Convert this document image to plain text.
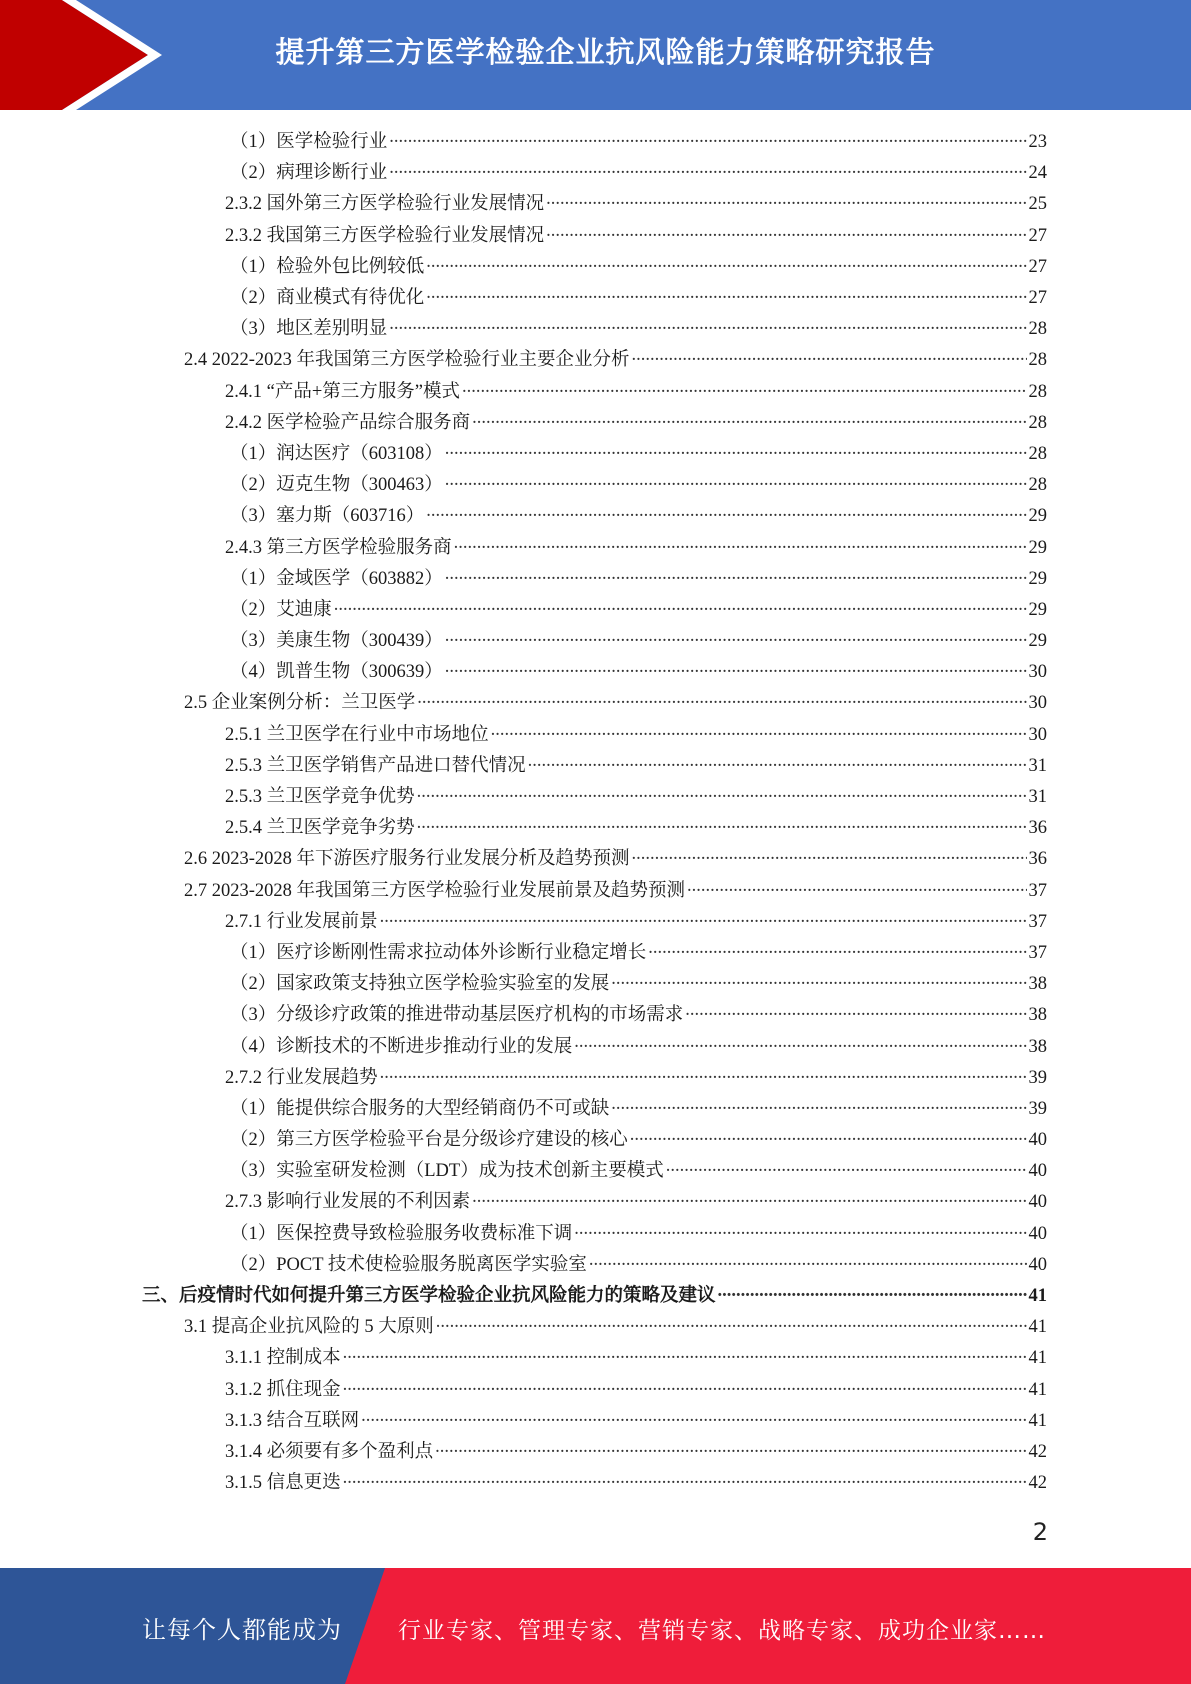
提升第三方医学检验企业抗风险能力策略研究报告
（1）医学检验行业 .....	23
（2）病理诊断行业 .....	24
2.3.2 国外第三方医学检验行业发展情况 .....	25
2.3.2 我国第三方医学检验行业发展情况 .....	27
（1）检验外包比例较低 .....	27
（2）商业模式有待优化 .....	27
（3）地区差别明显 .....	28
2.4 2022-2023 年我国第三方医学检验行业主要企业分析 .....	28
2.4.1 “产品+第三方服务”模式 .....	28
2.4.2 医学检验产品综合服务商 .....	28
（1）润达医疗（603108） .....	28
（2）迈克生物（300463） .....	28
（3）塞力斯（603716） .....	29
2.4.3 第三方医学检验服务商 .....	29
（1）金域医学（603882） .....	29
（2）艾迪康 .....	29
（3）美康生物（300439） .....	29
（4）凯普生物（300639） .....	30
2.5 企业案例分析：兰卫医学 .....	30
2.5.1 兰卫医学在行业中市场地位 .....	30
2.5.3 兰卫医学销售产品进口替代情况 .....	31
2.5.3 兰卫医学竞争优势 .....	31
2.5.4 兰卫医学竞争劣势 .....	36
2.6 2023-2028 年下游医疗服务行业发展分析及趋势预测 .....	36
2.7 2023-2028 年我国第三方医学检验行业发展前景及趋势预测 .....	37
2.7.1 行业发展前景 .....	37
（1）医疗诊断刚性需求拉动体外诊断行业稳定增长 .....	37
（2）国家政策支持独立医学检验实验室的发展 .....	38
（3）分级诊疗政策的推进带动基层医疗机构的市场需求 .....	38
（4）诊断技术的不断进步推动行业的发展 .....	38
2.7.2 行业发展趋势 .....	39
（1）能提供综合服务的大型经销商仍不可或缺 .....	39
（2）第三方医学检验平台是分级诊疗建设的核心 .....	40
（3）实验室研发检测（LDT）成为技术创新主要模式 .....	40
2.7.3 影响行业发展的不利因素 .....	40
（1）医保控费导致检验服务收费标准下调 .....	40
（2）POCT 技术使检验服务脱离医学实验室 .....	40
三、后疫情时代如何提升第三方医学检验企业抗风险能力的策略及建议 .....	41
3.1 提高企业抗风险的 5 大原则 .....	41
3.1.1 控制成本 .....	41
3.1.2 抓住现金 .....	41
3.1.3 结合互联网 .....	41
3.1.4 必须要有多个盈利点 .....	42
3.1.5 信息更迭 .....	42
2
让每个人都能成为 行业专家、管理专家、营销专家、战略专家、成功企业家……
